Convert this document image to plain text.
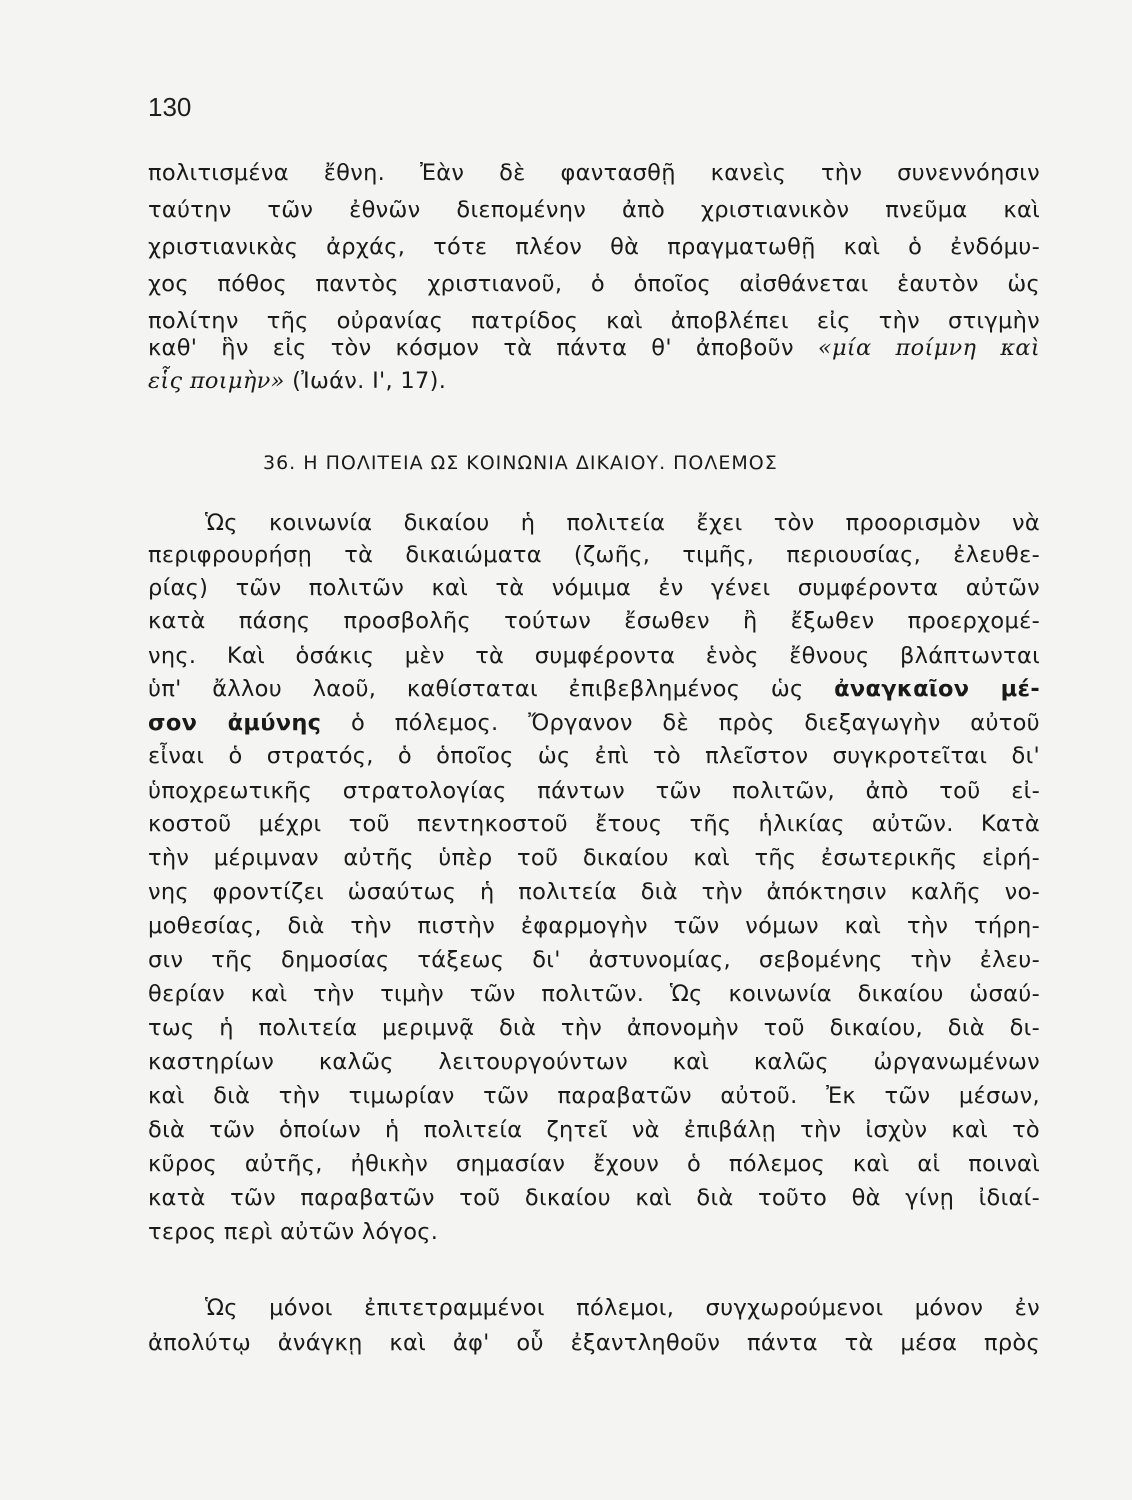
130
πολιτισμένα ἔθνη. Ἐὰν δὲ φαντασθῇ κανεὶς τὴν συνεννόησιν
ταύτην τῶν ἐθνῶν διεπομένην ἀπὸ χριστιανικὸν πνεῦμα καὶ
χριστιανικὰς ἀρχάς, τότε πλέον θὰ πραγματωθῇ καὶ ὁ ἐνδόμυ-
χος πόθος παντὸς χριστιανοῦ, ὁ ὁποῖος αἰσθάνεται ἑαυτὸν ὡς
πολίτην τῆς οὐρανίας πατρίδος καὶ ἀποβλέπει εἰς τὴν στιγμὴν
καθ' ἣν εἰς τὸν κόσμον τὰ πάντα θ' ἀποβοῦν «μία ποίμνη καὶ
εἷς ποιμὴν» (Ἰωάν. Ι', 17).
36. Η ΠΟΛΙΤΕΙΑ ΩΣ ΚΟΙΝΩΝΙΑ ΔΙΚΑΙΟΥ. ΠΟΛΕΜΟΣ
Ὡς κοινωνία δικαίου ἡ πολιτεία ἔχει τὸν προορισμὸν νὰ
περιφρουρήσῃ τὰ δικαιώματα (ζωῆς, τιμῆς, περιουσίας, ἐλευθε-
ρίας) τῶν πολιτῶν καὶ τὰ νόμιμα ἐν γένει συμφέροντα αὐτῶν
κατὰ πάσης προσβολῆς τούτων ἔσωθεν ἢ ἔξωθεν προερχομέ-
νης. Καὶ ὁσάκις μὲν τὰ συμφέροντα ἑνὸς ἔθνους βλάπτωνται
ὑπ' ἄλλου λαοῦ, καθίσταται ἐπιβεβλημένος ὡς ἀναγκαῖον μέ-
σον ἀμύνης ὁ πόλεμος. Ὄργανον δὲ πρὸς διεξαγωγὴν αὐτοῦ
εἶναι ὁ στρατός, ὁ ὁποῖος ὡς ἐπὶ τὸ πλεῖστον συγκροτεῖται δι'
ὑποχρεωτικῆς στρατολογίας πάντων τῶν πολιτῶν, ἀπὸ τοῦ εἰ-
κοστοῦ μέχρι τοῦ πεντηκοστοῦ ἔτους τῆς ἡλικίας αὐτῶν. Κατὰ
τὴν μέριμναν αὐτῆς ὑπὲρ τοῦ δικαίου καὶ τῆς ἐσωτερικῆς εἰρή-
νης φροντίζει ὡσαύτως ἡ πολιτεία διὰ τὴν ἀπόκτησιν καλῆς νο-
μοθεσίας, διὰ τὴν πιστὴν ἐφαρμογὴν τῶν νόμων καὶ τὴν τήρη-
σιν τῆς δημοσίας τάξεως δι' ἀστυνομίας, σεβομένης τὴν ἐλευ-
θερίαν καὶ τὴν τιμὴν τῶν πολιτῶν. Ὡς κοινωνία δικαίου ὡσαύ-
τως ἡ πολιτεία μεριμνᾷ διὰ τὴν ἀπονομὴν τοῦ δικαίου, διὰ δι-
καστηρίων καλῶς λειτουργούντων καὶ καλῶς ὠργανωμένων
καὶ διὰ τὴν τιμωρίαν τῶν παραβατῶν αὐτοῦ. Ἐκ τῶν μέσων,
διὰ τῶν ὁποίων ἡ πολιτεία ζητεῖ νὰ ἐπιβάλῃ τὴν ἰσχὺν καὶ τὸ
κῦρος αὐτῆς, ἠθικὴν σημασίαν ἔχουν ὁ πόλεμος καὶ αἱ ποιναὶ
κατὰ τῶν παραβατῶν τοῦ δικαίου καὶ διὰ τοῦτο θὰ γίνῃ ἰδιαί-
τερος περὶ αὐτῶν λόγος.
Ὡς μόνοι ἐπιτετραμμένοι πόλεμοι, συγχωρούμενοι μόνον ἐν
ἀπολύτῳ ἀνάγκῃ καὶ ἀφ' οὗ ἐξαντληθοῦν πάντα τὰ μέσα πρὸς
